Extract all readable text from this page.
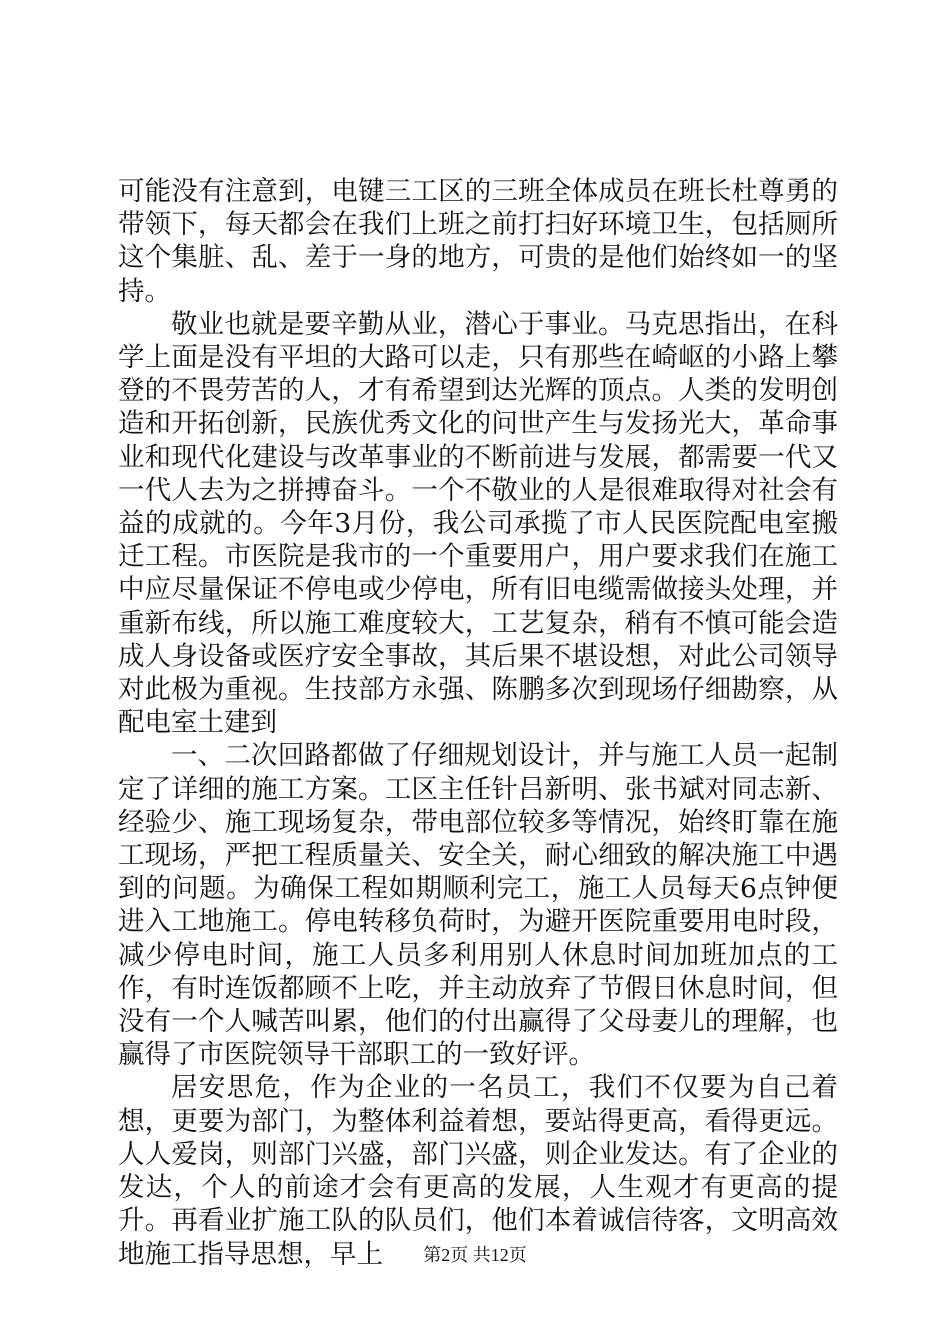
可能没有注意到，电键三工区的三班全体成员在班长杜尊勇的带领下，每天都会在我们上班之前打扫好环境卫生，包括厕所这个集脏、乱、差于一身的地方，可贵的是他们始终如一的坚持。

敬业也就是要辛勤从业，潜心于事业。马克思指出，在科学上面是没有平坦的大路可以走，只有那些在崎岖的小路上攀登的不畏劳苦的人，才有希望到达光辉的顶点。人类的发明创造和开拓创新，民族优秀文化的问世产生与发扬光大，革命事业和现代化建设与改革事业的不断前进与发展，都需要一代又一代人去为之拼搏奋斗。一个不敬业的人是很难取得对社会有益的成就的。今年3月份，我公司承揽了市人民医院配电室搬迁工程。市医院是我市的一个重要用户，用户要求我们在施工中应尽量保证不停电或少停电，所有旧电缆需做接头处理，并重新布线，所以施工难度较大，工艺复杂，稍有不慎可能会造成人身设备或医疗安全事故，其后果不堪设想，对此公司领导对此极为重视。生技部方永强、陈鹏多次到现场仔细勘察，从配电室土建到

一、二次回路都做了仔细规划设计，并与施工人员一起制定了详细的施工方案。工区主任针吕新明、张书斌对同志新、经验少、施工现场复杂，带电部位较多等情况，始终盯靠在施工现场，严把工程质量关、安全关，耐心细致的解决施工中遇到的问题。为确保工程如期顺利完工，施工人员每天6点钟便进入工地施工。停电转移负荷时，为避开医院重要用电时段，减少停电时间，施工人员多利用别人休息时间加班加点的工作，有时连饭都顾不上吃，并主动放弃了节假日休息时间，但没有一个人喊苦叫累，他们的付出赢得了父母妻儿的理解，也赢得了市医院领导干部职工的一致好评。

居安思危，作为企业的一名员工，我们不仅要为自己着想，更要为部门，为整体利益着想，要站得更高，看得更远。人人爱岗，则部门兴盛，部门兴盛，则企业发达。有了企业的发达，个人的前途才会有更高的发展，人生观才有更高的提升。再看业扩施工队的队员们，他们本着诚信待客，文明高效地施工指导思想，早上	第2页 共12页
